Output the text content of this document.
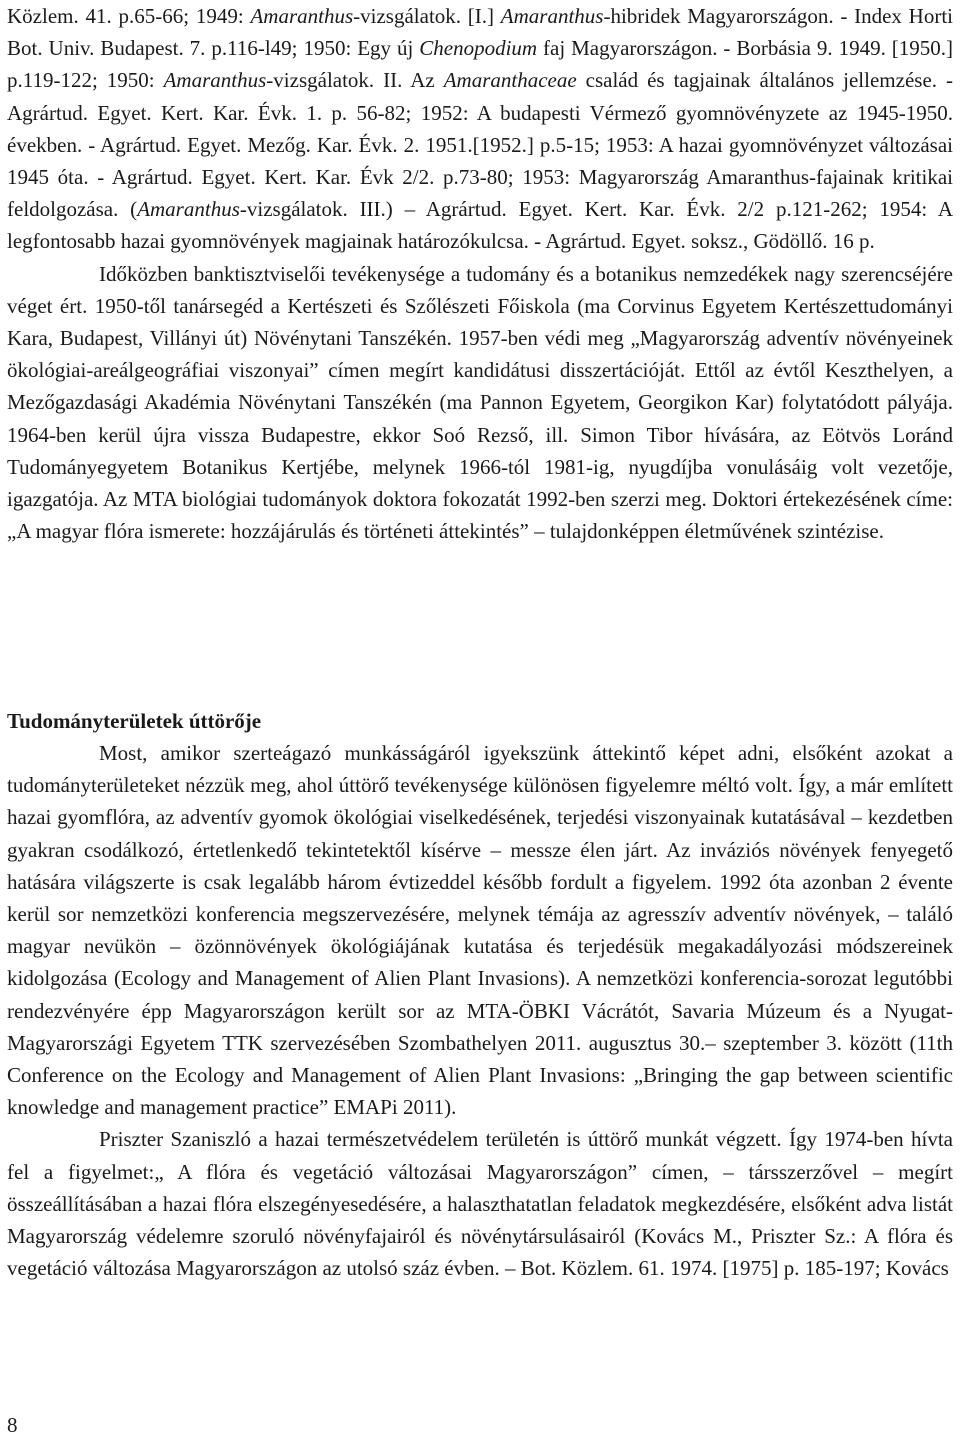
Közlem. 41. p.65-66; 1949: Amaranthus-vizsgálatok. [I.] Amaranthus-hibridek Magyarországon. - Index Horti Bot. Univ. Budapest. 7. p.116-l49; 1950: Egy új Chenopodium faj Magyarországon. - Borbásia 9. 1949. [1950.] p.119-122; 1950: Amaranthus-vizsgálatok. II. Az Amaranthaceae család és tagjainak általános jellemzése. - Agrártud. Egyet. Kert. Kar. Évk. 1. p. 56-82; 1952: A budapesti Vérmező gyomnövényzete az 1945-1950. években. - Agrártud. Egyet. Mezőg. Kar. Évk. 2. 1951.[1952.] p.5-15; 1953: A hazai gyomnövényzet változásai 1945 óta. - Agrártud. Egyet. Kert. Kar. Évk 2/2. p.73-80; 1953: Magyarország Amaranthus-fajainak kritikai feldolgozása. (Amaranthus-vizsgálatok. III.) – Agrártud. Egyet. Kert. Kar. Évk. 2/2 p.121-262; 1954: A legfontosabb hazai gyomnövények magjainak határozókulcsa. - Agrártud. Egyet. soksz., Gödöllő. 16 p.

Időközben banktisztviselői tevékenysége a tudomány és a botanikus nemzedékek nagy szerencséjére véget ért. 1950-től tanársegéd a Kertészeti és Szőlészeti Főiskola (ma Corvinus Egyetem Kertészettudományi Kara, Budapest, Villányi út) Növénytani Tanszékén. 1957-ben védi meg „Magyarország adventív növényeinek ökológiai-areálgeográfiai viszonyai” címen megírt kandidátusi disszertációját. Ettől az évtől Keszthelyen, a Mezőgazdasági Akadémia Növénytani Tanszékén (ma Pannon Egyetem, Georgikon Kar) folytatódott pályája. 1964-ben kerül újra vissza Budapestre, ekkor Soó Rezső, ill. Simon Tibor hívására, az Eötvös Loránd Tudományegyetem Botanikus Kertjébe, melynek 1966-tól 1981-ig, nyugdíjba vonulásáig volt vezetője, igazgatója. Az MTA biológiai tudományok doktora fokozatát 1992-ben szerzi meg. Doktori értekezésének címe: „A magyar flóra ismerete: hozzájárulás és történeti áttekintés” – tulajdonképpen életművének szintézise.

Tudományterületek úttörője

Most, amikor szerteágazó munkásságáról igyekszünk áttekintő képet adni, elsőként azokat a tudományterületeket nézzük meg, ahol úttörő tevékenysége különösen figyelemre méltó volt. Így, a már említett hazai gyomflóra, az adventív gyomok ökológiai viselkedésének, terjedési viszonyainak kutatásával – kezdetben gyakran csodálkozó, értetlenkedő tekintetektől kísérve – messze élen járt. Az inváziós növények fenyegető hatására világszerte is csak legalább három évtizeddel később fordult a figyelem. 1992 óta azonban 2 évente kerül sor nemzetközi konferencia megszervezésére, melynek témája az agresszív adventív növények, – találó magyar nevükön – özönnövények ökológiájának kutatása és terjedésük megakadályozási módszereinek kidolgozása (Ecology and Management of Alien Plant Invasions). A nemzetközi konferencia-sorozat legutóbbi rendezvényére épp Magyarországon került sor az MTA-ÖBKI Vácrátót, Savaria Múzeum és a Nyugat-Magyarországi Egyetem TTK szervezésében Szombathelyen 2011. augusztus 30.– szeptember 3. között (11th Conference on the Ecology and Management of Alien Plant Invasions: „Bringing the gap between scientific knowledge and management practice” EMAPi 2011).

Priszter Szaniszló a hazai természetvédelem területén is úttörő munkát végzett. Így 1974-ben hívta fel a figyelmet:„ A flóra és vegetáció változásai Magyarországon” címen, – társszerzővel – megírt összeállításában a hazai flóra elszegényesedésére, a halaszthatatlan feladatok megkezdésére, elsőként adva listát Magyarország védelemre szoruló növényfajairól és növénytársulásairól (Kovács M., Priszter Sz.: A flóra és vegetáció változása Magyarországon az utolsó száz évben. – Bot. Közlem. 61. 1974. [1975] p. 185-197; Kovács

8
